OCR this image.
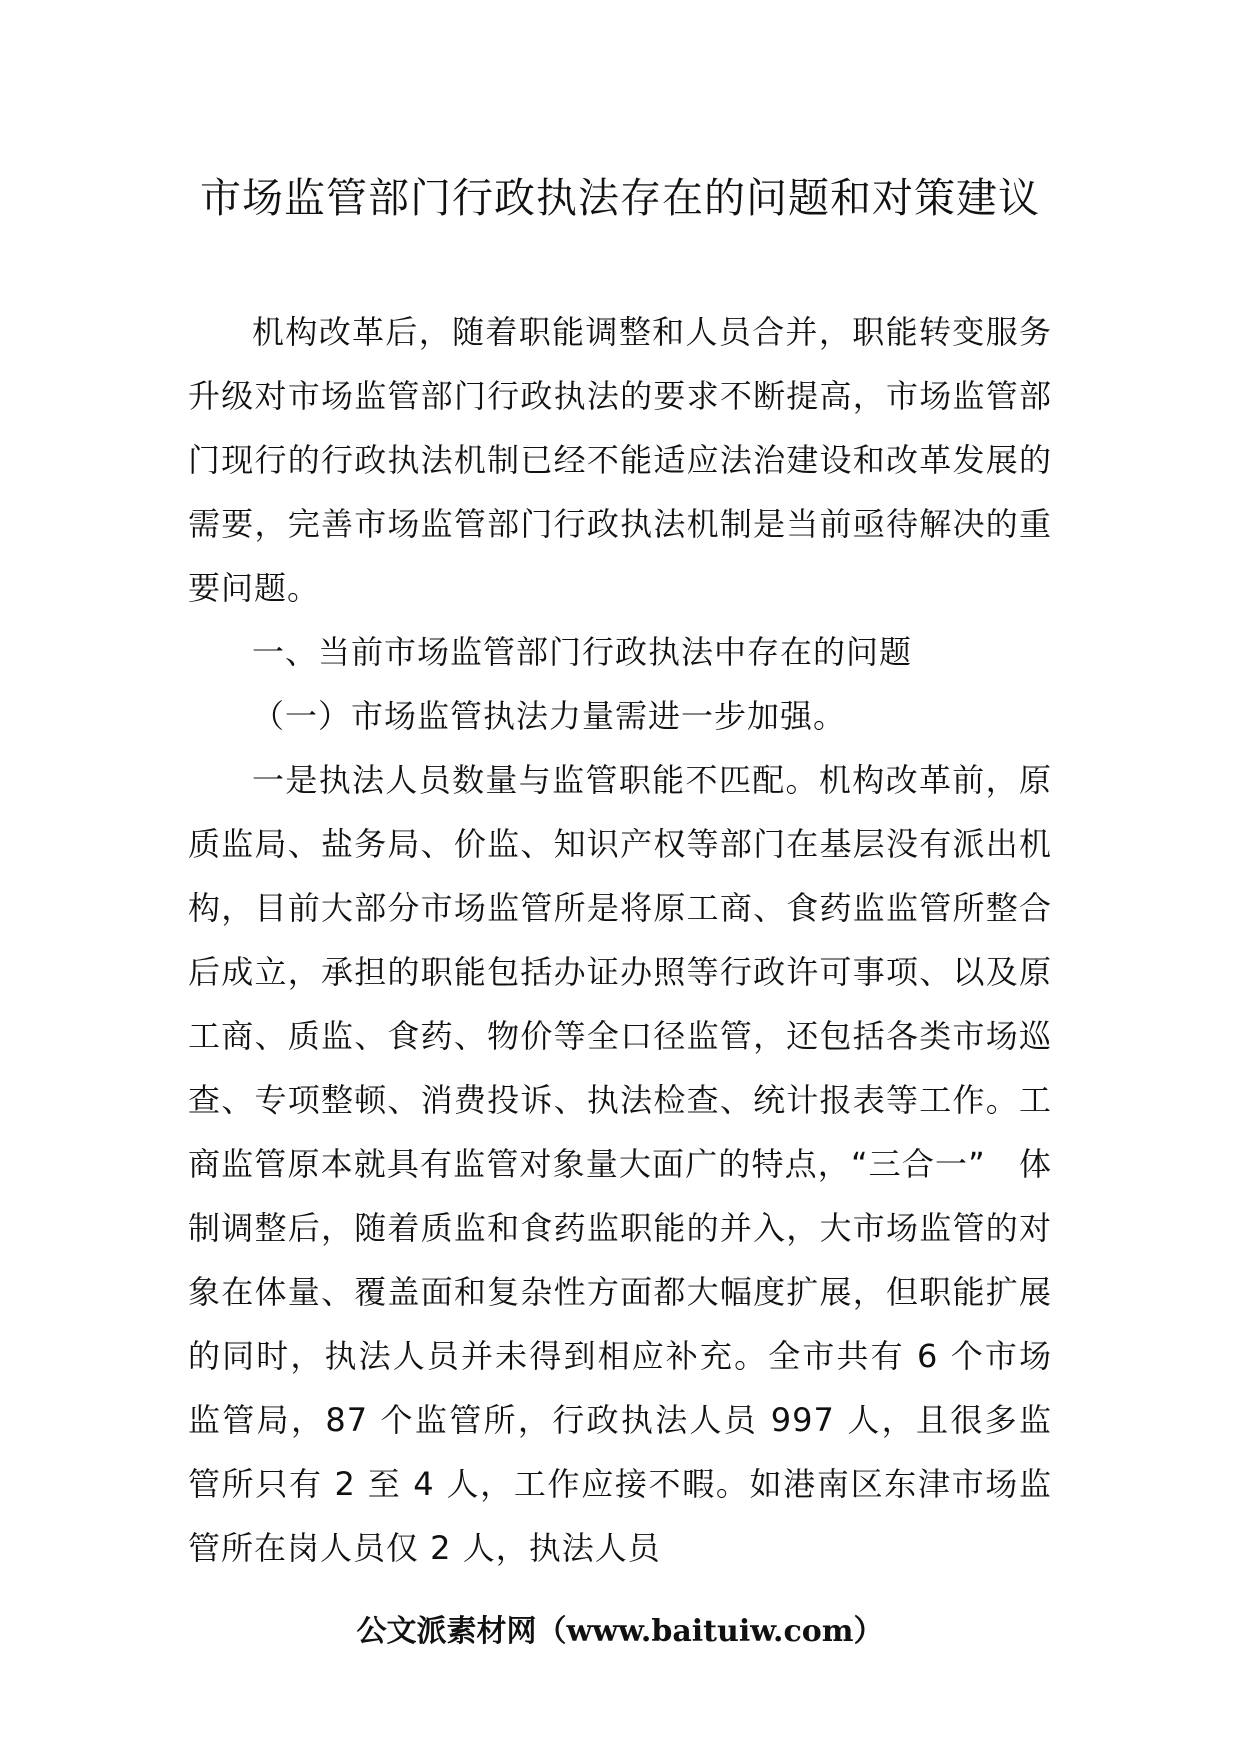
市场监管部门行政执法存在的问题和对策建议

机构改革后，随着职能调整和人员合并，职能转变服务升级对市场监管部门行政执法的要求不断提高，市场监管部门现行的行政执法机制已经不能适应法治建设和改革发展的需要，完善市场监管部门行政执法机制是当前亟待解决的重要问题。

一、当前市场监管部门行政执法中存在的问题

（一）市场监管执法力量需进一步加强。

一是执法人员数量与监管职能不匹配。机构改革前，原质监局、盐务局、价监、知识产权等部门在基层没有派出机构，目前大部分市场监管所是将原工商、食药监监管所整合后成立，承担的职能包括办证办照等行政许可事项、以及原工商、质监、食药、物价等全口径监管，还包括各类市场巡查、专项整顿、消费投诉、执法检查、统计报表等工作。工商监管原本就具有监管对象量大面广的特点，“三合一”　体制调整后，随着质监和食药监职能的并入，大市场监管的对象在体量、覆盖面和复杂性方面都大幅度扩展，但职能扩展的同时，执法人员并未得到相应补充。全市共有 6 个市场监管局，87 个监管所，行政执法人员 997 人，且很多监管所只有 2 至 4 人，工作应接不暇。如港南区东津市场监管所在岗人员仅 2 人，执法人员

公文派素材网（www.baituiw.com）
